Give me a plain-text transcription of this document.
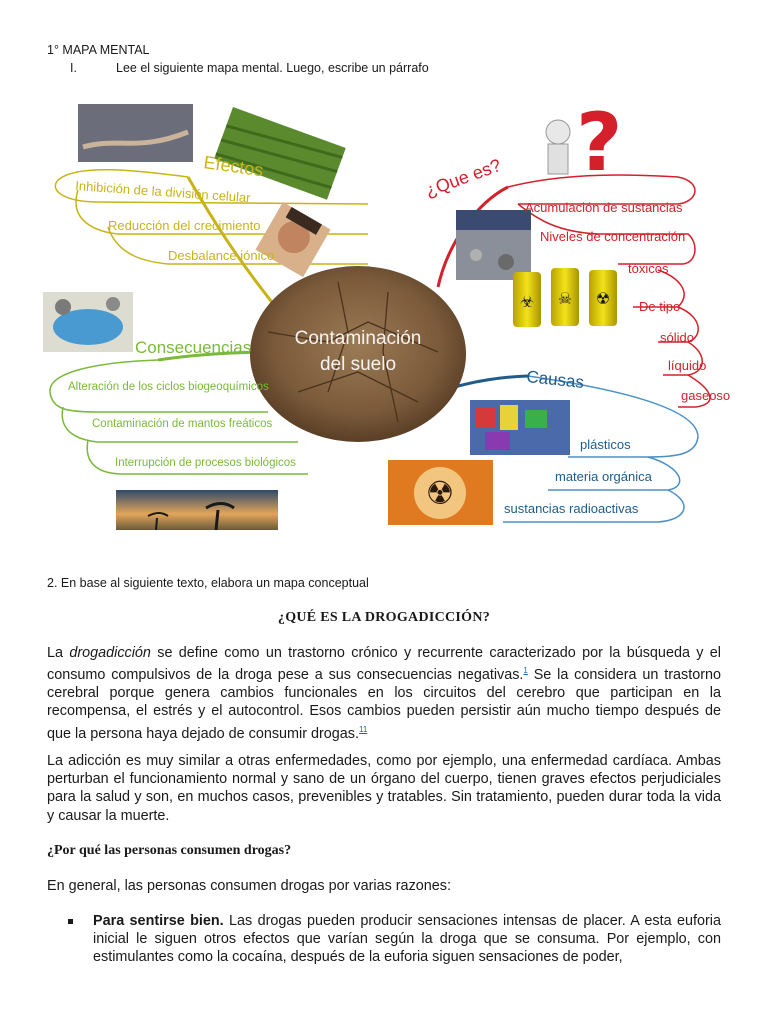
1° MAPA MENTAL
I.	Lee el siguiente mapa mental. Luego, escribe un párrafo
Contaminación
del suelo
?
☣ ☠ ☢
☢
Efectos
Inhibición de la división celular
Reducción del crecimiento
Desbalance iónico
¿Que es?
Acumulación de sustancias
Niveles de concentración
tóxicos
De tipo
sólido
líquido
gaseoso
Consecuencias
Alteración de los ciclos biogeoquímicos
Contaminación de mantos freáticos
Interrupción de procesos biológicos
Causas
plásticos
materia orgánica
sustancias radioactivas
2. En base al siguiente texto, elabora un mapa conceptual
¿QUÉ ES LA DROGADICCIÓN?
La drogadicción se define como un trastorno crónico y recurrente caracterizado por la búsqueda y el consumo compulsivos de la droga pese a sus consecuencias negativas.$^1$ Se la considera un trastorno cerebral porque genera cambios funcionales en los circuitos del cerebro que participan en la recompensa, el estrés y el autocontrol. Esos cambios pueden persistir aún mucho tiempo después de que la persona haya dejado de consumir drogas.$^{11}$
La adicción es muy similar a otras enfermedades, como por ejemplo, una enfermedad cardíaca. Ambas perturban el funcionamiento normal y sano de un órgano del cuerpo, tienen graves efectos perjudiciales para la salud y son, en muchos casos, prevenibles y tratables. Sin tratamiento, pueden durar toda la vida y causar la muerte.
¿Por qué las personas consumen drogas?
En general, las personas consumen drogas por varias razones:
Para sentirse bien. Las drogas pueden producir sensaciones intensas de placer. A esta euforia inicial le siguen otros efectos que varían según la droga que se consuma. Por ejemplo, con estimulantes como la cocaína, después de la euforia siguen sensaciones de poder,
